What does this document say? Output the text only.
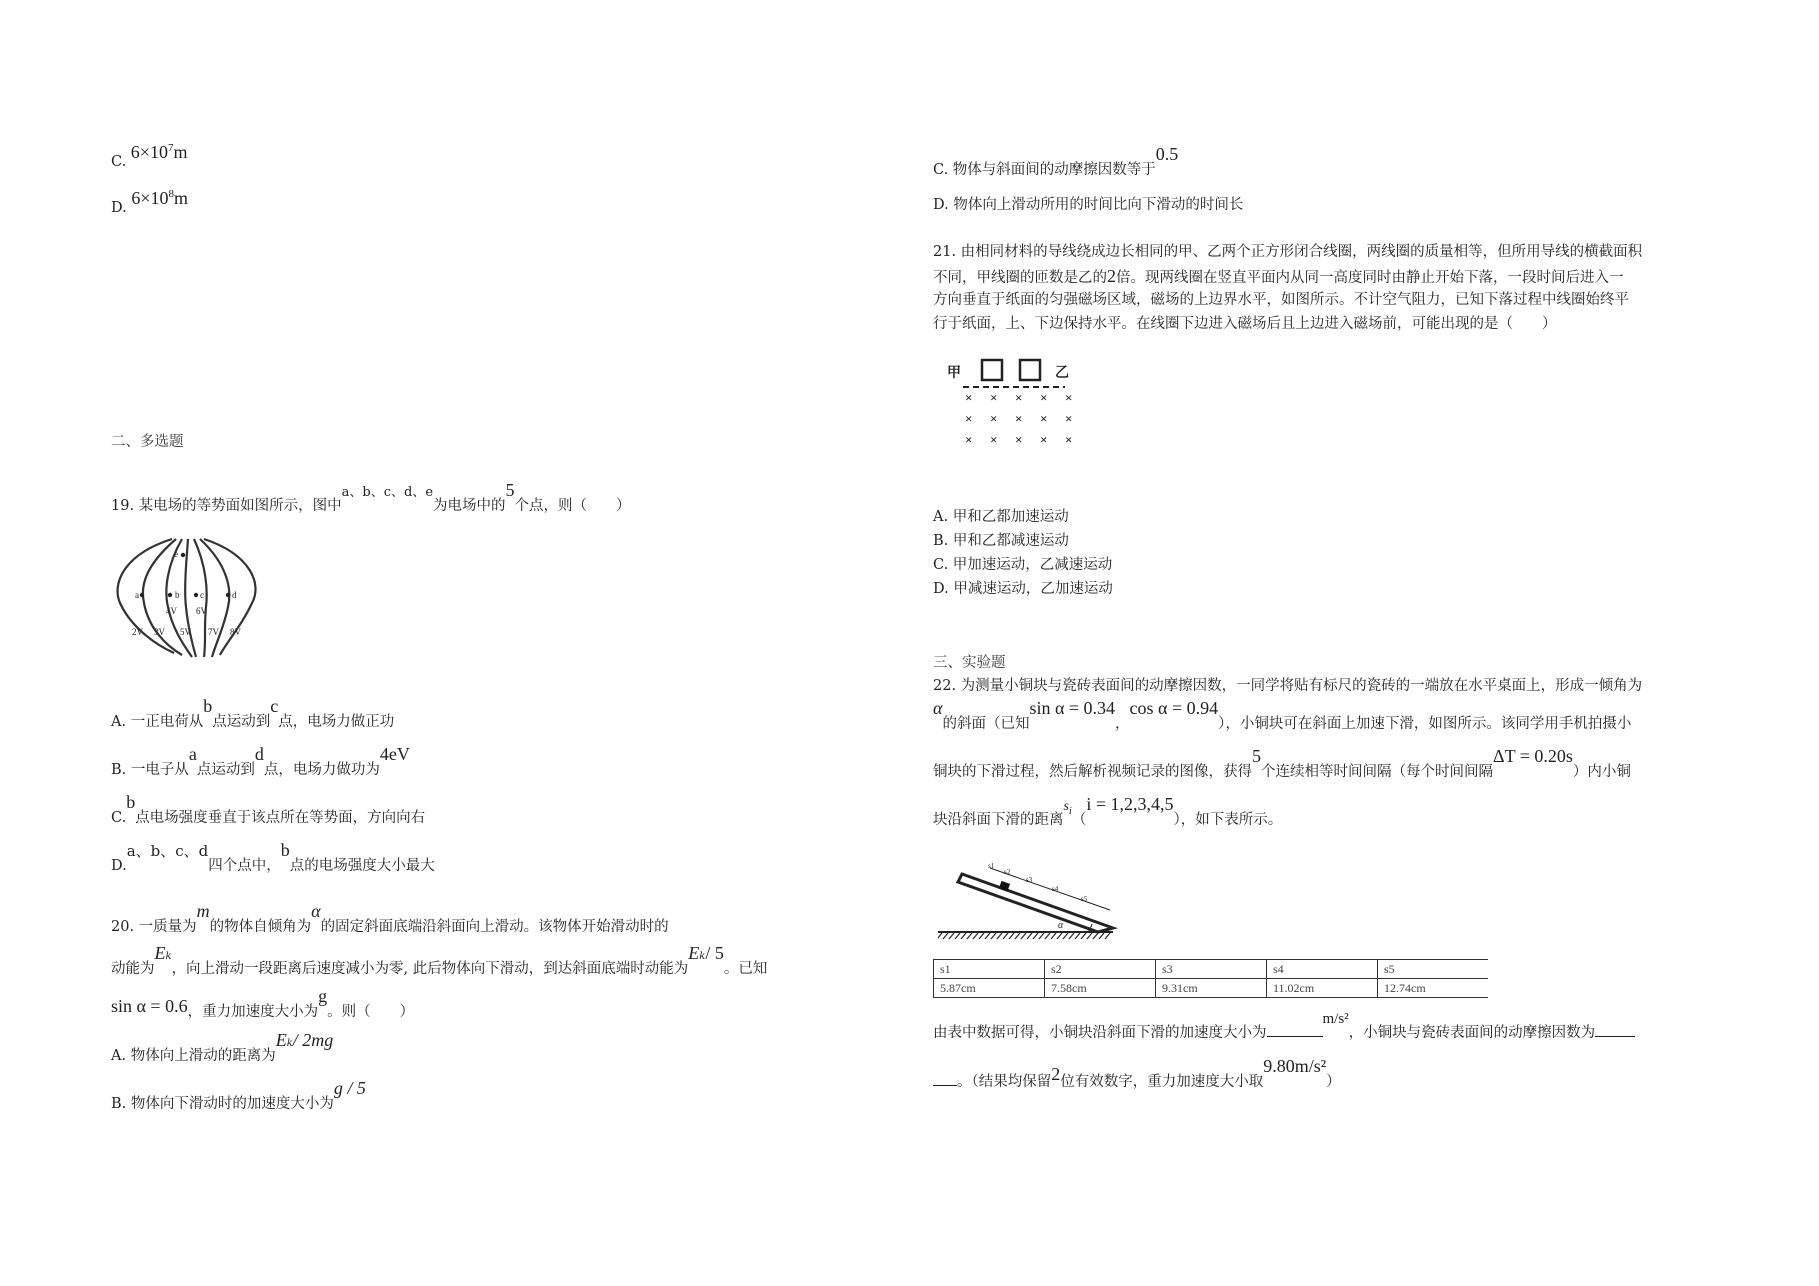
C. $6\times 10^7m$
D. $6\times 10^8m$
二、多选题
19. 某电场的等势面如图所示，图中a、b、c、d、e为电场中的5个点，则（　　）
e
a	b c	d
4V 6V
2V 3V 5V 7V 8V
A. 一正电荷从b点运动到c点，电场力做正功
B. 一电子从a点运动到d点，电场力做功为4eV
C.b点电场强度垂直于该点所在等势面，方向向右
D.a、b、c、d四个点中，b点的电场强度大小最大
20. 一质量为m的物体自倾角为α的固定斜面底端沿斜面向上滑动。该物体开始滑动时的
动能为$E^k$，向上滑动一段距离后速度减小为零, 此后物体向下滑动，到达斜面底端时动能为$E^k/$ 5。已知
sin α = 0.6，重力加速度大小为g。则（　　）
A. 物体向上滑动的距离为$E^k/$ 2mg
B. 物体向下滑动时的加速度大小为g / 5
C. 物体与斜面间的动摩擦因数等于0.5
D. 物体向上滑动所用的时间比向下滑动的时间长
21. 由相同材料的导线绕成边长相同的甲、乙两个正方形闭合线圈，两线圈的质量相等，但所用导线的横截面积
不同，甲线圈的匝数是乙的2倍。现两线圈在竖直平面内从同一高度同时由静止开始下落，一段时间后进入一
方向垂直于纸面的匀强磁场区域，磁场的上边界水平，如图所示。不计空气阻力，已知下落过程中线圈始终平
行于纸面，上、下边保持水平。在线圈下边进入磁场后且上边进入磁场前，可能出现的是（　　）
甲	乙
× × × × ×
× × × × ×
× × × × ×
A. 甲和乙都加速运动
B. 甲和乙都减速运动
C. 甲加速运动，乙减速运动
D. 甲减速运动，乙加速运动
三、实验题
22. 为测量小铜块与瓷砖表面间的动摩擦因数，一同学将贴有标尺的瓷砖的一端放在水平桌面上，形成一倾角为
α的斜面（已知sin α = 0.34，cos α = 0.94），小铜块可在斜面上加速下滑，如图所示。该同学用手机拍摄小
铜块的下滑过程，然后解析视频记录的图像，获得5个连续相等时间间隔（每个时间间隔ΔT = 0.20s）内小铜
块沿斜面下滑的距离$s^i(i = 1,2,3,4,5)$，如下表所示。
s1
s2
s3
s4
s5
α
s1	s2	s3	s4	s5
5.87cm	7.58cm	9.31cm	11.02cm	12.74cm
由表中数据可得，小铜块沿斜面下滑的加速度大小为m/s²，小铜块与瓷砖表面间的动摩擦因数为
。（结果均保留2位有效数字，重力加速度大小取9.80m/s²）
